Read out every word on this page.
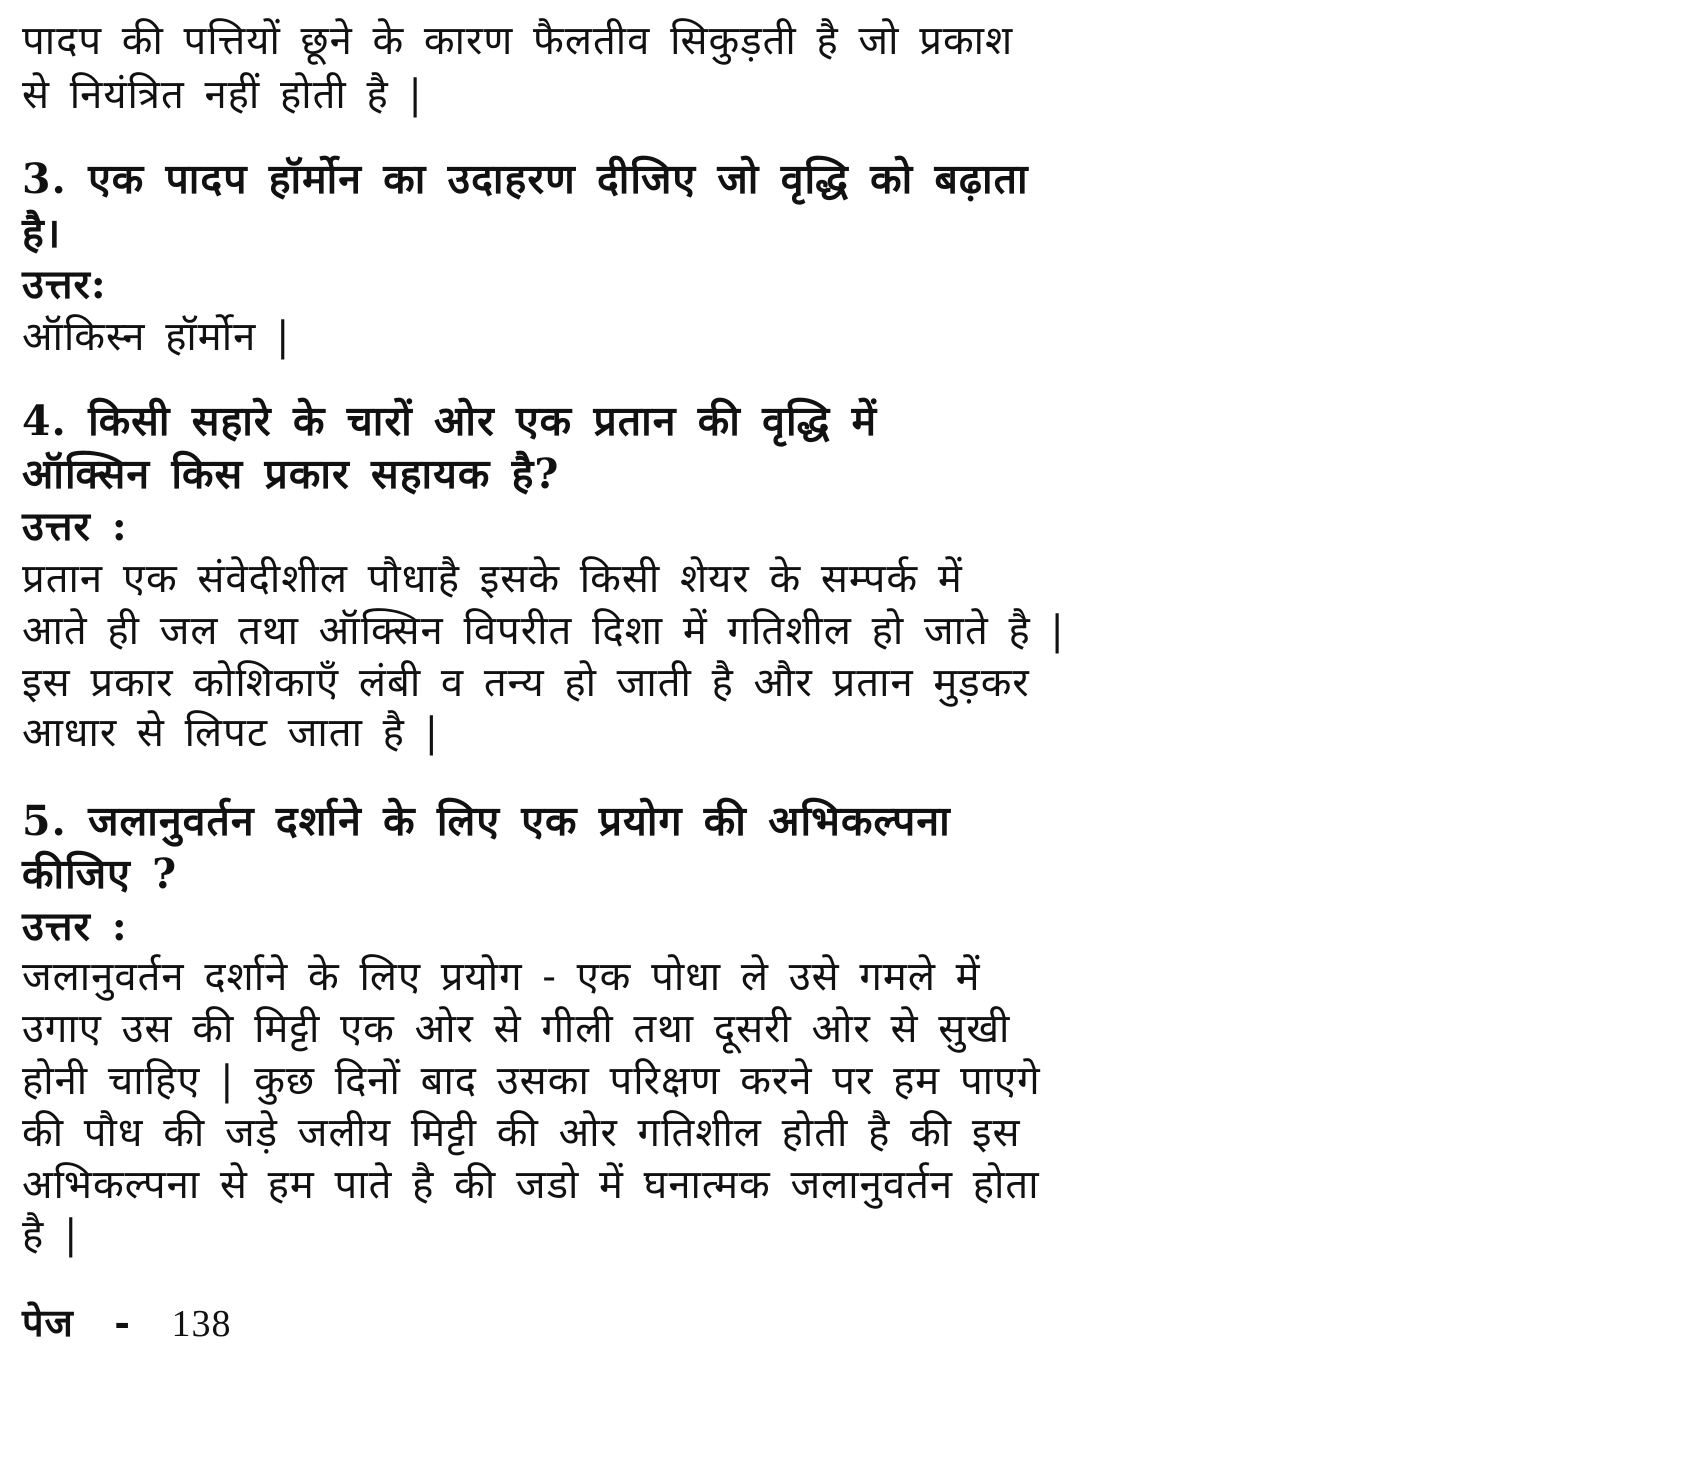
पादप की पत्तियों छूने के कारण फैलतीव सिकुड़ती है जो प्रकाश
से नियंत्रित नहीं होती है |
3. एक पादप हॉर्मोन का उदाहरण दीजिए जो वृद्धि को बढ़ाता
है।
उत्तर:
ऑकिस्न हॉर्मोन |
4. किसी सहारे के चारों ओर एक प्रतान की वृद्धि में
ऑक्सिन किस प्रकार सहायक है?
उत्तर :
प्रतान एक संवेदीशील पौधाहै इसके किसी शेयर के सम्पर्क में
आते ही जल तथा ऑक्सिन विपरीत दिशा में गतिशील हो जाते है |
इस प्रकार कोशिकाएँ लंबी व तन्य हो जाती है और प्रतान मुड़कर
आधार से लिपट जाता है |
5. जलानुवर्तन दर्शाने के लिए एक प्रयोग की अभिकल्पना
कीजिए ?
उत्तर :
जलानुवर्तन दर्शाने के लिए प्रयोग - एक पोधा ले उसे गमले में
उगाए उस की मिट्टी एक ओर से गीली तथा दूसरी ओर से सुखी
होनी चाहिए | कुछ दिनों बाद उसका परिक्षण करने पर हम पाएगे
की पौध की जड़े जलीय मिट्टी की ओर गतिशील होती है की इस
अभिकल्पना से हम पाते है की जडो में घनात्मक जलानुवर्तन होता
है |
पेज - 138
